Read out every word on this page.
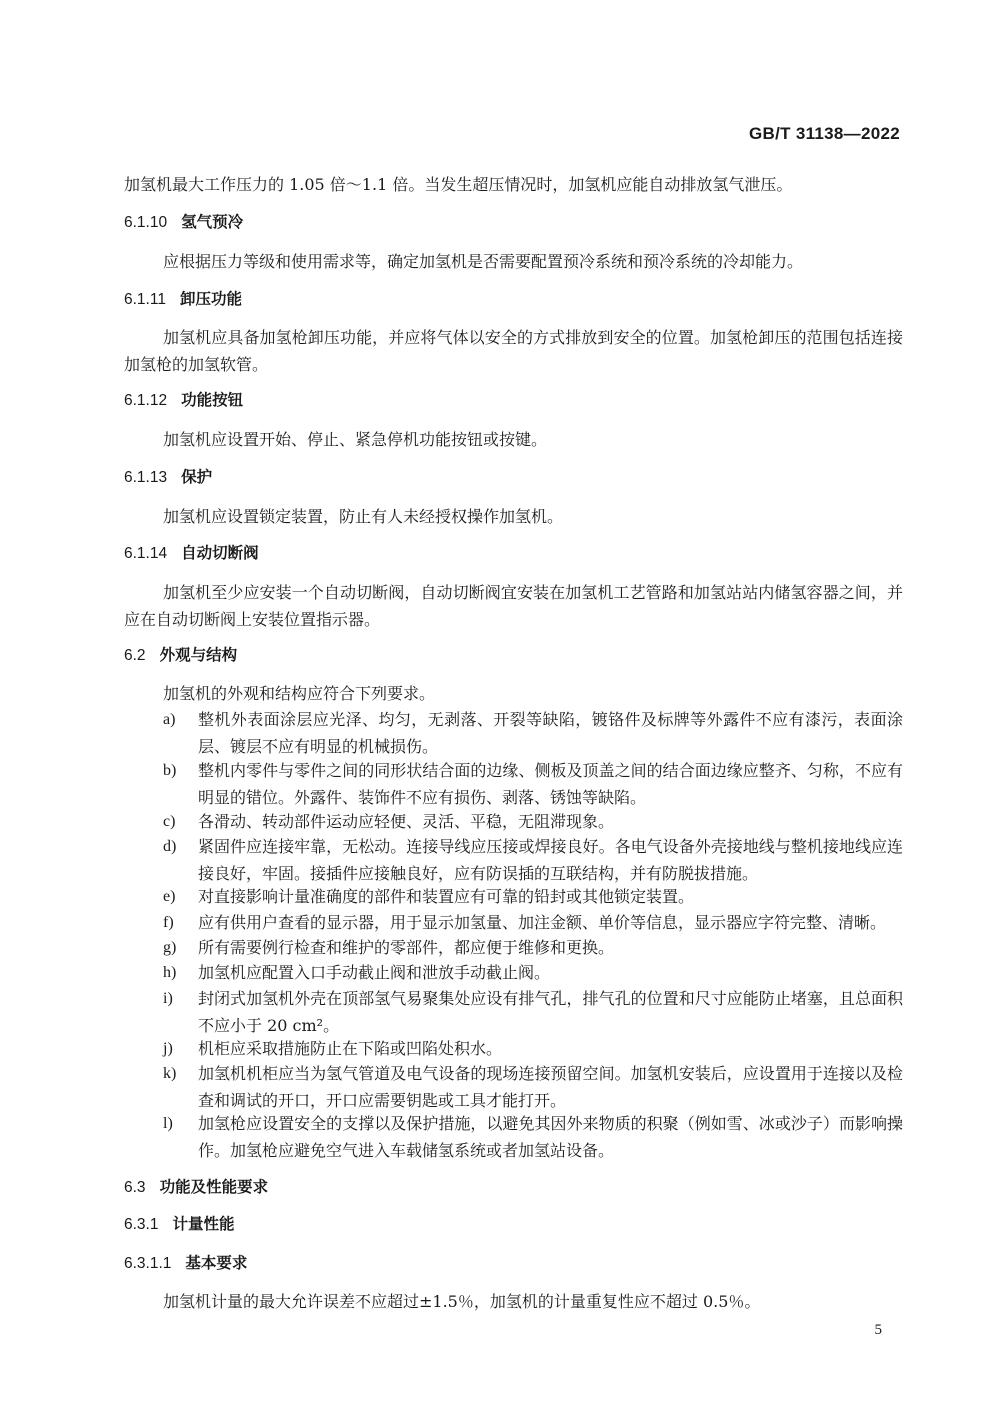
GB/T 31138—2022
加氢机最大工作压力的 1.05 倍～1.1 倍。当发生超压情况时，加氢机应能自动排放氢气泄压。
6.1.10 氢气预冷
应根据压力等级和使用需求等，确定加氢机是否需要配置预冷系统和预冷系统的冷却能力。
6.1.11 卸压功能
加氢机应具备加氢枪卸压功能，并应将气体以安全的方式排放到安全的位置。加氢枪卸压的范围包括连接加氢枪的加氢软管。
6.1.12 功能按钮
加氢机应设置开始、停止、紧急停机功能按钮或按键。
6.1.13 保护
加氢机应设置锁定装置，防止有人未经授权操作加氢机。
6.1.14 自动切断阀
加氢机至少应安装一个自动切断阀，自动切断阀宜安装在加氢机工艺管路和加氢站站内储氢容器之间，并应在自动切断阀上安装位置指示器。
6.2 外观与结构
加氢机的外观和结构应符合下列要求。
a)	整机外表面涂层应光泽、均匀，无剥落、开裂等缺陷，镀铬件及标牌等外露件不应有漆污，表面涂层、镀层不应有明显的机械损伤。
b)	整机内零件与零件之间的同形状结合面的边缘、侧板及顶盖之间的结合面边缘应整齐、匀称，不应有明显的错位。外露件、装饰件不应有损伤、剥落、锈蚀等缺陷。
c)	各滑动、转动部件运动应轻便、灵活、平稳，无阻滞现象。
d)	紧固件应连接牢靠，无松动。连接导线应压接或焊接良好。各电气设备外壳接地线与整机接地线应连接良好，牢固。接插件应接触良好，应有防误插的互联结构，并有防脱拔措施。
e)	对直接影响计量准确度的部件和装置应有可靠的铅封或其他锁定装置。
f)	应有供用户查看的显示器，用于显示加氢量、加注金额、单价等信息，显示器应字符完整、清晰。
g)	所有需要例行检查和维护的零部件，都应便于维修和更换。
h)	加氢机应配置入口手动截止阀和泄放手动截止阀。
i)	封闭式加氢机外壳在顶部氢气易聚集处应设有排气孔，排气孔的位置和尺寸应能防止堵塞，且总面积不应小于 20 cm²。
j)	机柜应采取措施防止在下陷或凹陷处积水。
k)	加氢机机柜应当为氢气管道及电气设备的现场连接预留空间。加氢机安装后，应设置用于连接以及检查和调试的开口，开口应需要钥匙或工具才能打开。
l)	加氢枪应设置安全的支撑以及保护措施，以避免其因外来物质的积聚（例如雪、冰或沙子）而影响操作。加氢枪应避免空气进入车载储氢系统或者加氢站设备。
6.3 功能及性能要求
6.3.1 计量性能
6.3.1.1 基本要求
加氢机计量的最大允许误差不应超过±1.5％，加氢机的计量重复性应不超过 0.5％。
5
